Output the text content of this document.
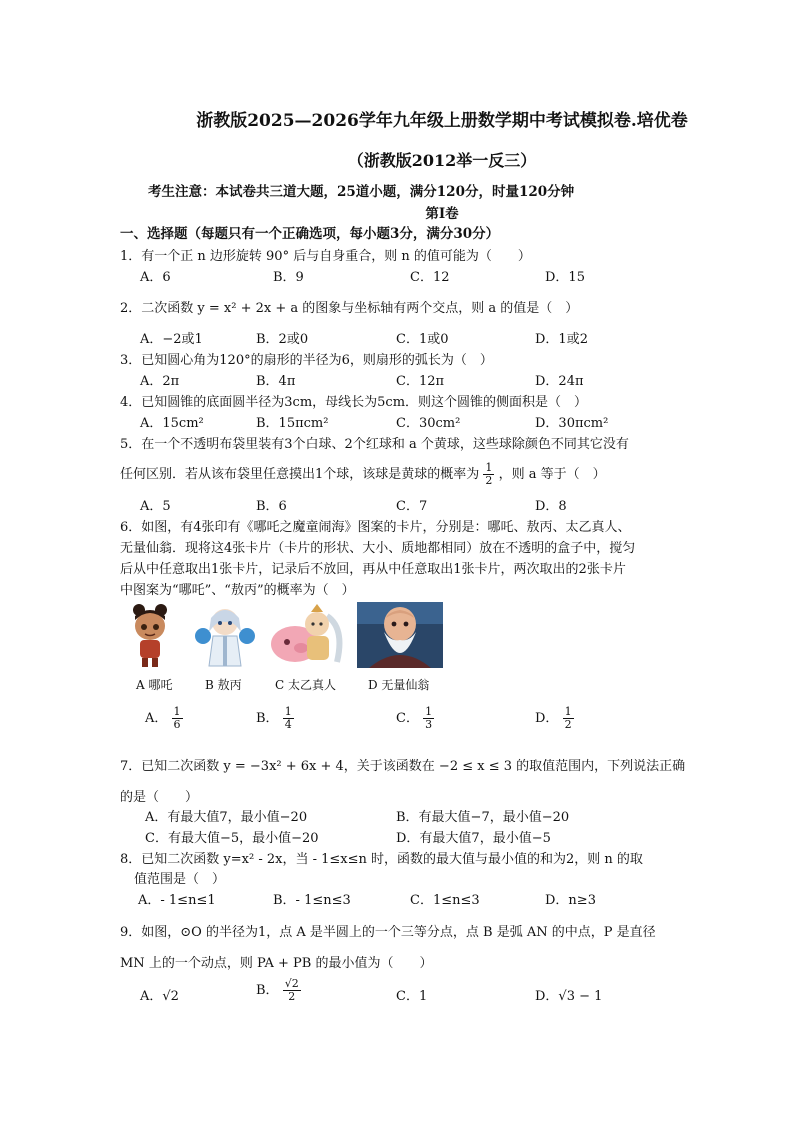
浙教版2025—2026学年九年级上册数学期中考试模拟卷.培优卷
（浙教版2012举一反三）
考生注意：本试卷共三道大题，25道小题，满分120分，时量120分钟
第Ⅰ卷
一、选择题（每题只有一个正确选项，每小题3分，满分30分）
1．有一个正 n 边形旋转 90° 后与自身重合，则 n 的值可能为（　　）
A．6	B．9	C．12	D．15
2．二次函数 y = x² + 2x + a 的图象与坐标轴有两个交点，则 a 的值是（　）
A．−2或1	B．2或0	C．1或0	D．1或2
3．已知圆心角为120°的扇形的半径为6，则扇形的弧长为（　）
A．2π	B．4π	C．12π	D．24π
4．已知圆锥的底面圆半径为3cm，母线长为5cm．则这个圆锥的侧面积是（　）
A．15cm²	B．15πcm²	C．30cm²	D．30πcm²
5．在一个不透明布袋里装有3个白球、2个红球和 a 个黄球，这些球除颜色不同其它没有
任何区别．若从该布袋里任意摸出1个球，该球是黄球的概率为 $\frac{1}{2}$ ，则 a 等于（　）
A．5	B．6	C．7	D．8
6．如图，有4张印有《哪吒之魔童闹海》图案的卡片，分别是：哪吒、敖丙、太乙真人、
无量仙翁．现将这4张卡片（卡片的形状、大小、质地都相同）放在不透明的盒子中，搅匀
后从中任意取出1张卡片，记录后不放回，再从中任意取出1张卡片，两次取出的2张卡片
中图案为“哪吒”、“敖丙”的概率为（　）
A 哪吒	B 敖丙	C 太乙真人	D 无量仙翁
A． $\frac{1}{6}$	B． $\frac{1}{4}$	C． $\frac{1}{3}$	D． $\frac{1}{2}$
7．已知二次函数 y = −3x² + 6x + 4，关于该函数在 −2 ≤ x ≤ 3 的取值范围内，下列说法正确
的是（　　）
A．有最大值7，最小值−20	B．有最大值−7，最小值−20
C．有最大值−5，最小值−20	D．有最大值7，最小值−5
8．已知二次函数 y=x² - 2x，当 - 1≤x≤n 时，函数的最大值与最小值的和为2，则 n 的取
值范围是（　）
A．- 1≤n≤1	B．- 1≤n≤3	C．1≤n≤3	D．n≥3
9．如图，⊙O 的半径为1，点 A 是半圆上的一个三等分点，点 B 是弧 AN 的中点，P 是直径
MN 上的一个动点，则 PA + PB 的最小值为（　　）
A．√2	B． $\frac{√2}{2}$	C．1	D．√3 − 1
